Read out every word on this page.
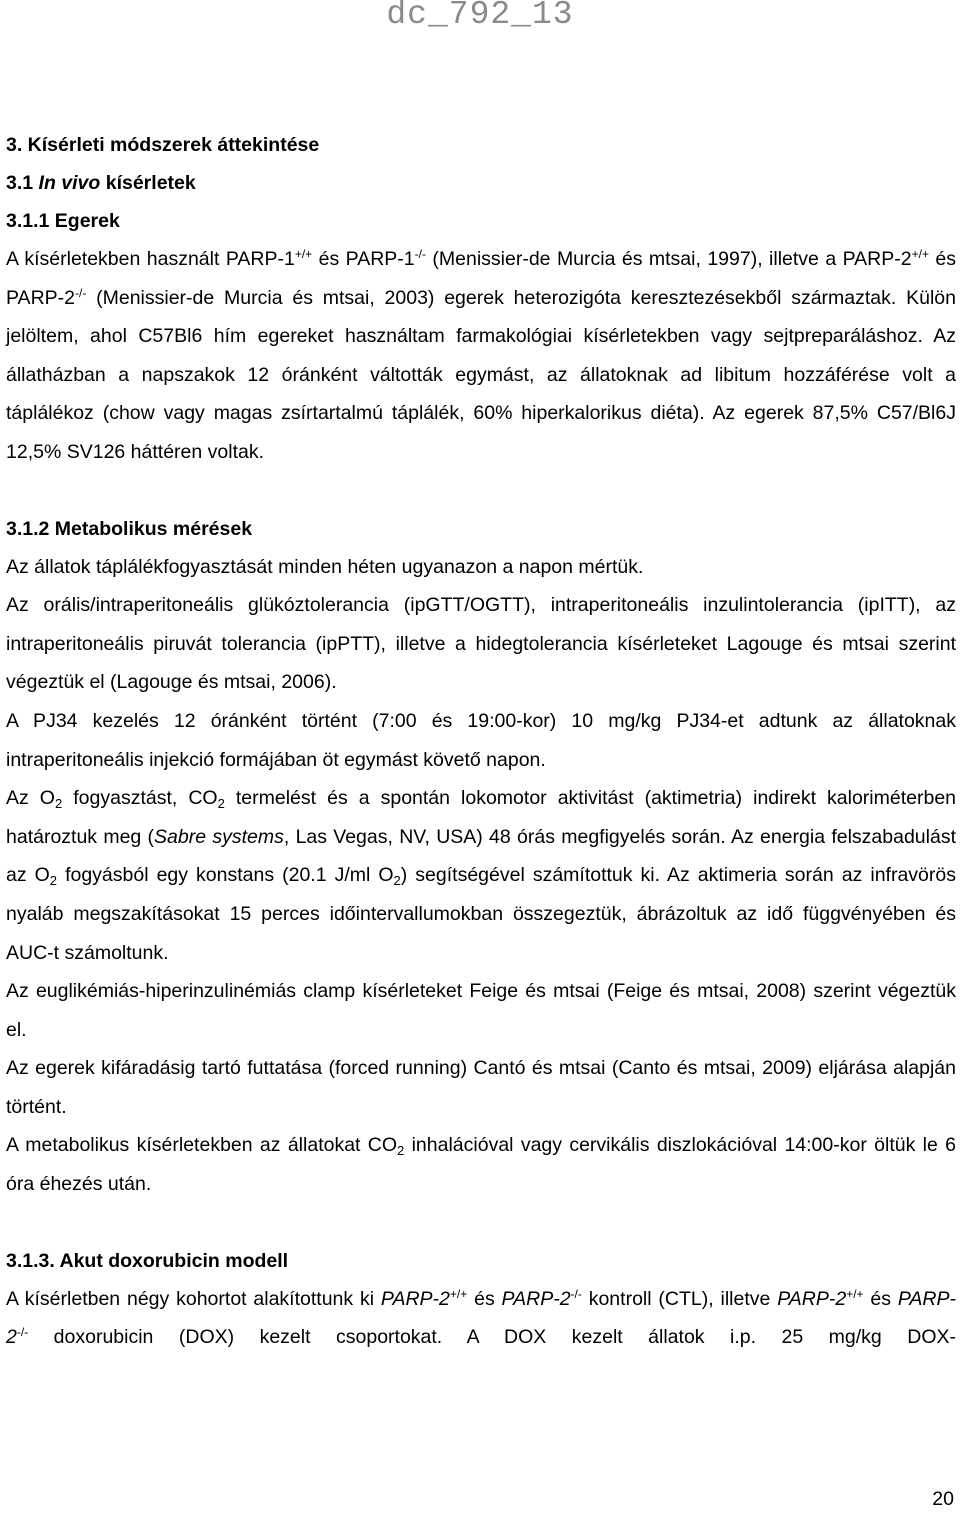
dc_792_13

3. Kísérleti módszerek áttekintése

3.1 In vivo kísérletek

3.1.1 Egerek

A kísérletekben használt PARP-1+/+ és PARP-1-/- (Menissier-de Murcia és mtsai, 1997), illetve a PARP-2+/+ és PARP-2-/- (Menissier-de Murcia és mtsai, 2003) egerek heterozigóta keresztezésekből származtak. Külön jelöltem, ahol C57Bl6 hím egereket használtam farmakológiai kísérletekben vagy sejtpreparáláshoz. Az állatházban a napszakok 12 óránként váltották egymást, az állatoknak ad libitum hozzáférése volt a táplálékoz (chow vagy magas zsírtartalmú táplálék, 60% hiperkalorikus diéta). Az egerek 87,5% C57/Bl6J 12,5% SV126 háttéren voltak.

3.1.2 Metabolikus mérések

Az állatok táplálékfogyasztását minden héten ugyanazon a napon mértük.

Az orális/intraperitoneális glükóztolerancia (ipGTT/OGTT), intraperitoneális inzulintolerancia (ipITT), az intraperitoneális piruvát tolerancia (ipPTT), illetve a hidegtolerancia kísérleteket Lagouge és mtsai szerint végeztük el (Lagouge és mtsai, 2006).

A PJ34 kezelés 12 óránként történt (7:00 és 19:00-kor) 10 mg/kg PJ34-et adtunk az állatoknak intraperitoneális injekció formájában öt egymást követő napon.

Az $O_2$ fogyasztást, $CO_2$ termelést és a spontán lokomotor aktivitást (aktimetria) indirekt kaloriméterben határoztuk meg (Sabre systems, Las Vegas, NV, USA) 48 órás megfigyelés során. Az energia felszabadulást az $O_2$ fogyásból egy konstans (20.1 J/ml $O_2$) segítségével számítottuk ki. Az aktimeria során az infravörös nyaláb megszakításokat 15 perces időintervallumokban összegeztük, ábrázoltuk az idő függvényében és AUC-t számoltunk.

Az euglikémiás-hiperinzulinémiás clamp kísérleteket Feige és mtsai (Feige és mtsai, 2008) szerint végeztük el.

Az egerek kifáradásig tartó futtatása (forced running) Cantó és mtsai (Canto és mtsai, 2009) eljárása alapján történt.

A metabolikus kísérletekben az állatokat $CO_2$ inhalációval vagy cervikális diszlokációval 14:00-kor öltük le 6 óra éhezés után.

3.1.3. Akut doxorubicin modell

A kísérletben négy kohortot alakítottunk ki PARP-2+/+ és PARP-2-/- kontroll (CTL), illetve PARP-2+/+ és PARP-2-/- doxorubicin (DOX) kezelt csoportokat. A DOX kezelt állatok i.p. 25 mg/kg DOX-

20
